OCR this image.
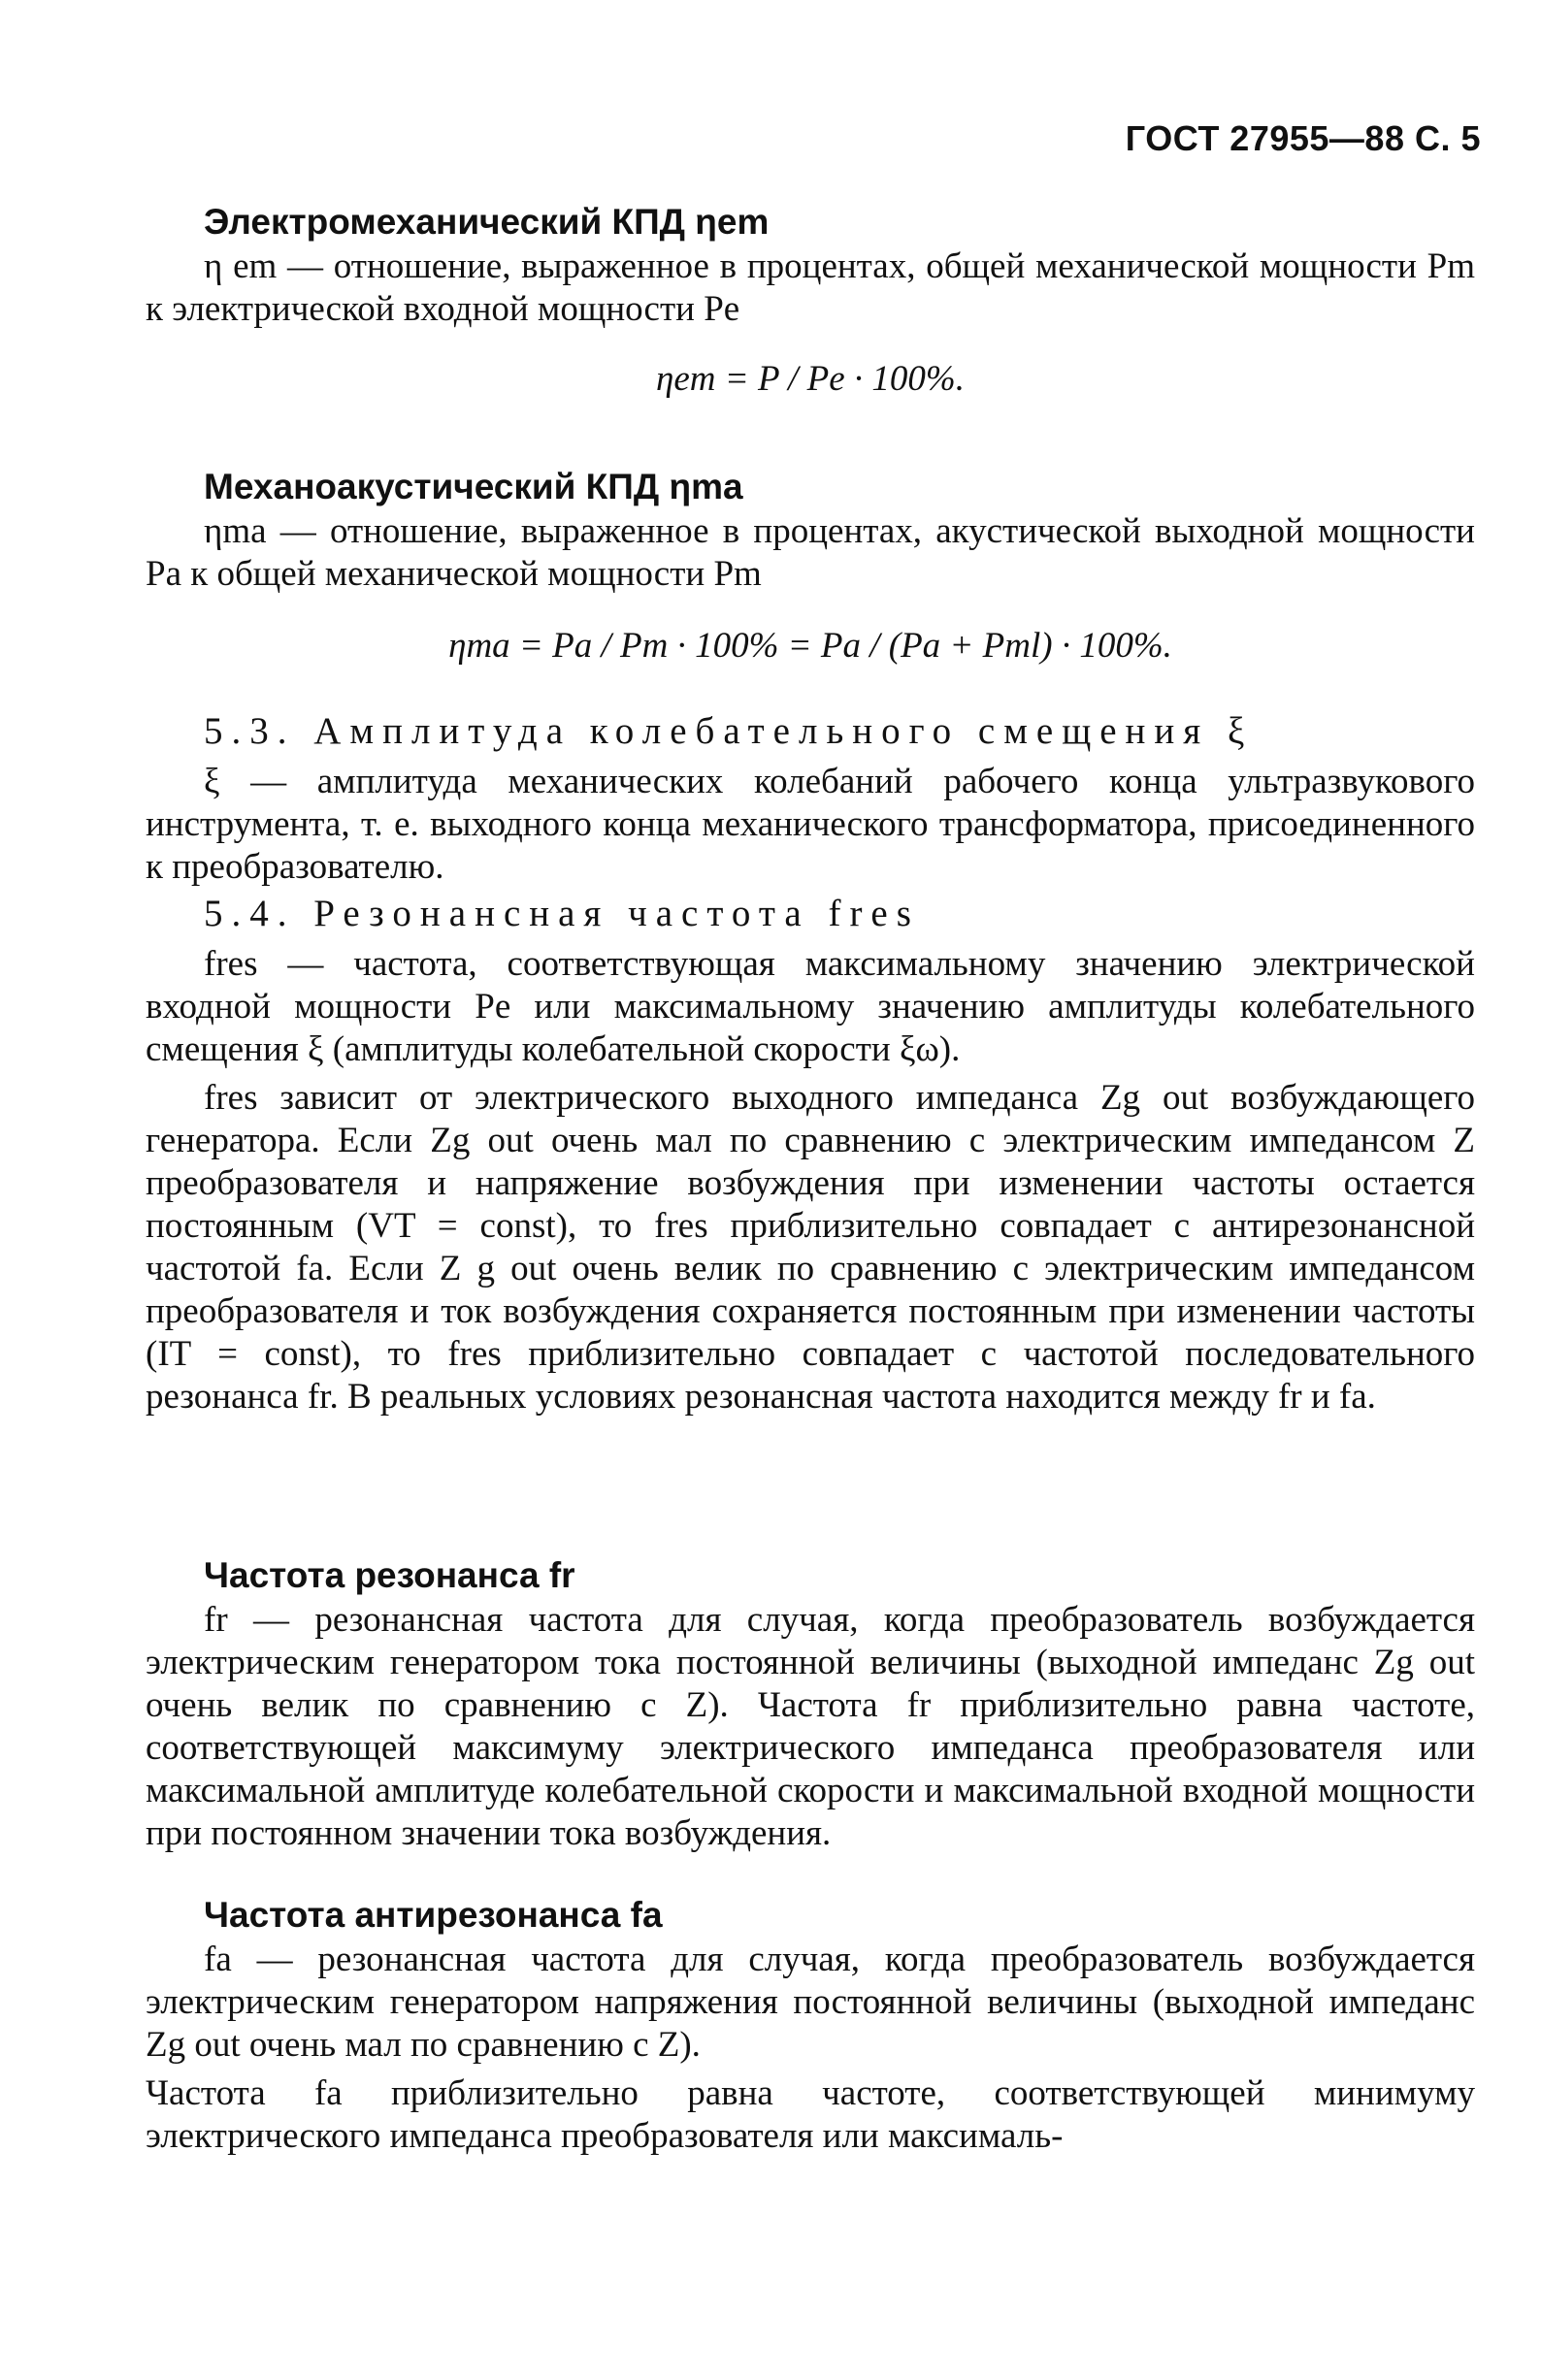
ГОСТ 27955—88 С. 5

Электромеханический КПД ηem

η em — отношение, выраженное в процентах, общей механической мощности Pm к электрической входной мощности Pe

ηem = P / Pe · 100%.

Механоакустический КПД ηma

ηma — отношение, выраженное в процентах, акустической выходной мощности Pa к общей механической мощности Pm

ηma = Pa / Pm · 100% = Pa / (Pa + Pml) · 100%.

5.3. Амплитуда колебательного смещения ξ

ξ — амплитуда механических колебаний рабочего конца ультразвукового инструмента, т. е. выходного конца механического трансформатора, присоединенного к преобразователю.

5.4. Резонансная частота fres

fres — частота, соответствующая максимальному значению электрической входной мощности Pe или максимальному значению амплитуды колебательного смещения ξ (амплитуды колебательной скорости ξω).

fres зависит от электрического выходного импеданса Zg out возбуждающего генератора. Если Zg out очень мал по сравнению с электрическим импедансом Z преобразователя и напряжение возбуждения при изменении частоты остается постоянным (VT = const), то fres приблизительно совпадает с антирезонансной частотой fa. Если Z g out очень велик по сравнению с электрическим импедансом преобразователя и ток возбуждения сохраняется постоянным при изменении частоты (IT = const), то fres приблизительно совпадает с частотой последовательного резонанса fr. В реальных условиях резонансная частота находится между fr и fa.

Частота резонанса fr

fr — резонансная частота для случая, когда преобразователь возбуждается электрическим генератором тока постоянной величины (выходной импеданс Zg out очень велик по сравнению с Z). Частота fr приблизительно равна частоте, соответствующей максимуму электрического импеданса преобразователя или максимальной амплитуде колебательной скорости и максимальной входной мощности при постоянном значении тока возбуждения.

Частота антирезонанса fa

fa — резонансная частота для случая, когда преобразователь возбуждается электрическим генератором напряжения постоянной величины (выходной импеданс Zg out очень мал по сравнению с Z).

Частота fa приблизительно равна частоте, соответствующей минимуму электрического импеданса преобразователя или максималь-
